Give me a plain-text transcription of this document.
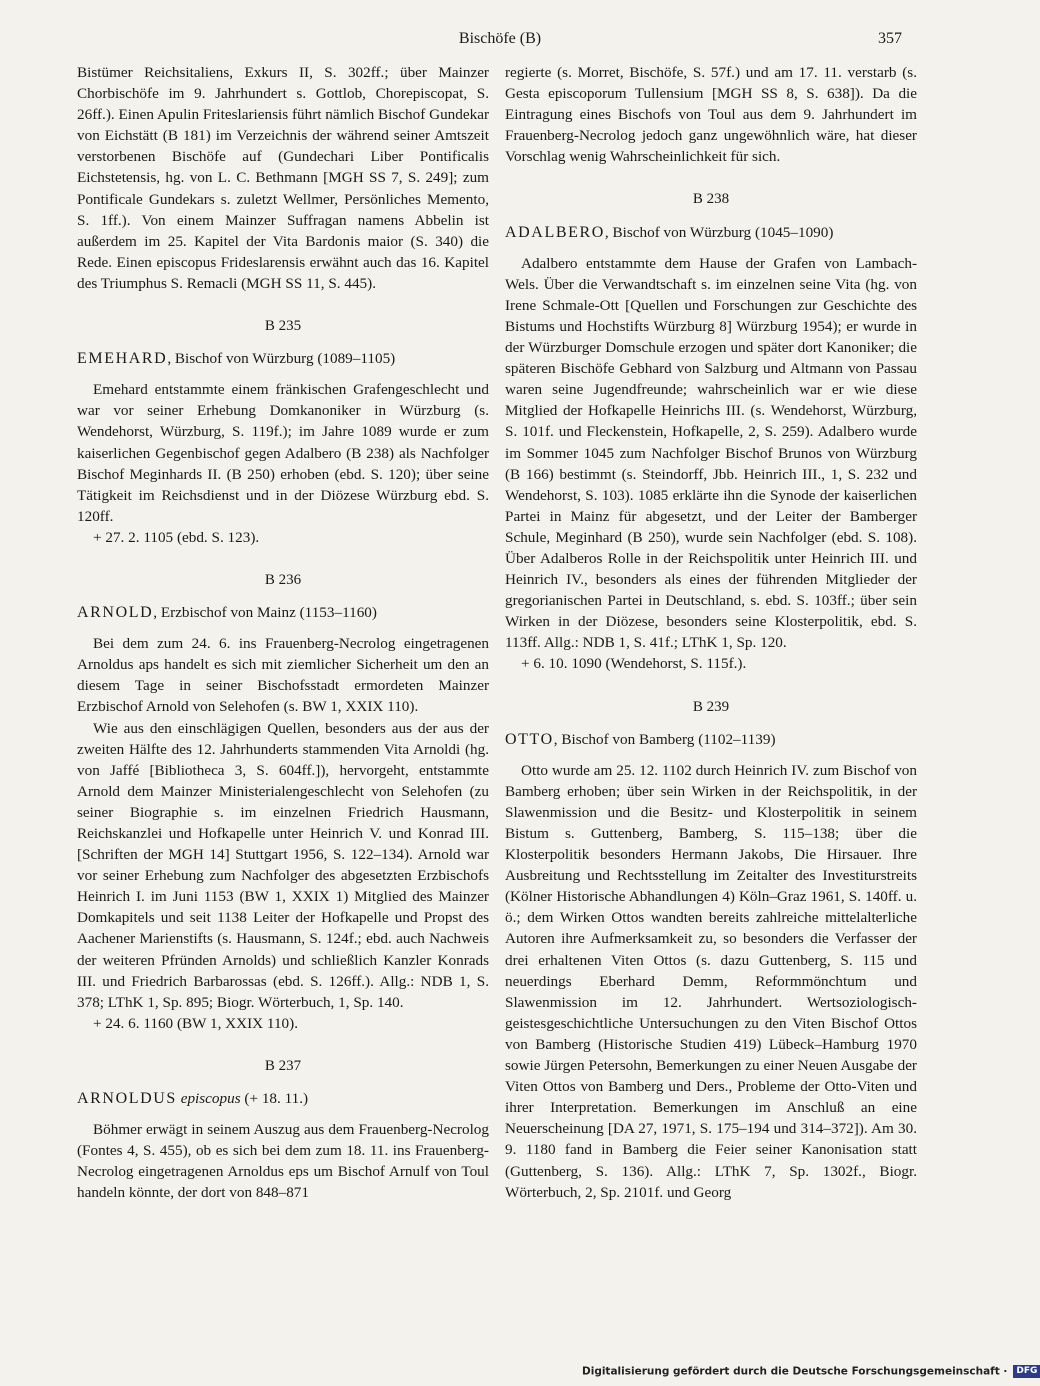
Bischöfe (B)	357

Bistümer Reichsitaliens, Exkurs II, S. 302ff.; über Mainzer Chorbischöfe im 9. Jahrhundert s. Gottlob, Chorepiscopat, S. 26ff.). Einen Apulin Friteslariensis führt nämlich Bischof Gundekar von Eichstätt (B 181) im Verzeichnis der während seiner Amtszeit verstorbenen Bischöfe auf (Gundechari Liber Pontificalis Eichstetensis, hg. von L. C. Bethmann [MGH SS 7, S. 249]; zum Pontificale Gundekars s. zuletzt Wellmer, Persönliches Memento, S. 1ff.). Von einem Mainzer Suffragan namens Abbelin ist außerdem im 25. Kapitel der Vita Bardonis maior (S. 340) die Rede. Einen episcopus Frideslarensis erwähnt auch das 16. Kapitel des Triumphus S. Remacli (MGH SS 11, S. 445).

B 235
EMEHARD, Bischof von Würzburg (1089–1105)

Emehard entstammte einem fränkischen Grafengeschlecht und war vor seiner Erhebung Domkanoniker in Würzburg (s. Wendehorst, Würzburg, S. 119f.); im Jahre 1089 wurde er zum kaiserlichen Gegenbischof gegen Adalbero (B 238) als Nachfolger Bischof Meginhards II. (B 250) erhoben (ebd. S. 120); über seine Tätigkeit im Reichsdienst und in der Diözese Würzburg ebd. S. 120ff.

+ 27. 2. 1105 (ebd. S. 123).

B 236
ARNOLD, Erzbischof von Mainz (1153–1160)

Bei dem zum 24. 6. ins Frauenberg-Necrolog eingetragenen Arnoldus aps handelt es sich mit ziemlicher Sicherheit um den an diesem Tage in seiner Bischofsstadt ermordeten Mainzer Erzbischof Arnold von Selehofen (s. BW 1, XXIX 110).

Wie aus den einschlägigen Quellen, besonders aus der aus der zweiten Hälfte des 12. Jahrhunderts stammenden Vita Arnoldi (hg. von Jaffé [Bibliotheca 3, S. 604ff.]), hervorgeht, entstammte Arnold dem Mainzer Ministerialengeschlecht von Selehofen (zu seiner Biographie s. im einzelnen Friedrich Hausmann, Reichskanzlei und Hofkapelle unter Heinrich V. und Konrad III. [Schriften der MGH 14] Stuttgart 1956, S. 122–134). Arnold war vor seiner Erhebung zum Nachfolger des abgesetzten Erzbischofs Heinrich I. im Juni 1153 (BW 1, XXIX 1) Mitglied des Mainzer Domkapitels und seit 1138 Leiter der Hofkapelle und Propst des Aachener Marienstifts (s. Hausmann, S. 124f.; ebd. auch Nachweis der weiteren Pfründen Arnolds) und schließlich Kanzler Konrads III. und Friedrich Barbarossas (ebd. S. 126ff.). Allg.: NDB 1, S. 378; LThK 1, Sp. 895; Biogr. Wörterbuch, 1, Sp. 140.

+ 24. 6. 1160 (BW 1, XXIX 110).

B 237
ARNOLDUS episcopus (+ 18. 11.)

Böhmer erwägt in seinem Auszug aus dem Frauenberg-Necrolog (Fontes 4, S. 455), ob es sich bei dem zum 18. 11. ins Frauenberg-Necrolog eingetragenen Arnoldus eps um Bischof Arnulf von Toul handeln könnte, der dort von 848–871

regierte (s. Morret, Bischöfe, S. 57f.) und am 17. 11. verstarb (s. Gesta episcoporum Tullensium [MGH SS 8, S. 638]). Da die Eintragung eines Bischofs von Toul aus dem 9. Jahrhundert im Frauenberg-Necrolog jedoch ganz ungewöhnlich wäre, hat dieser Vorschlag wenig Wahrscheinlichkeit für sich.

B 238
ADALBERO, Bischof von Würzburg (1045–1090)

Adalbero entstammte dem Hause der Grafen von Lambach-Wels. Über die Verwandtschaft s. im einzelnen seine Vita (hg. von Irene Schmale-Ott [Quellen und Forschungen zur Geschichte des Bistums und Hochstifts Würzburg 8] Würzburg 1954); er wurde in der Würzburger Domschule erzogen und später dort Kanoniker; die späteren Bischöfe Gebhard von Salzburg und Altmann von Passau waren seine Jugendfreunde; wahrscheinlich war er wie diese Mitglied der Hofkapelle Heinrichs III. (s. Wendehorst, Würzburg, S. 101f. und Fleckenstein, Hofkapelle, 2, S. 259). Adalbero wurde im Sommer 1045 zum Nachfolger Bischof Brunos von Würzburg (B 166) bestimmt (s. Steindorff, Jbb. Heinrich III., 1, S. 232 und Wendehorst, S. 103). 1085 erklärte ihn die Synode der kaiserlichen Partei in Mainz für abgesetzt, und der Leiter der Bamberger Schule, Meginhard (B 250), wurde sein Nachfolger (ebd. S. 108). Über Adalberos Rolle in der Reichspolitik unter Heinrich III. und Heinrich IV., besonders als eines der führenden Mitglieder der gregorianischen Partei in Deutschland, s. ebd. S. 103ff.; über sein Wirken in der Diözese, besonders seine Klosterpolitik, ebd. S. 113ff. Allg.: NDB 1, S. 41f.; LThK 1, Sp. 120.

+ 6. 10. 1090 (Wendehorst, S. 115f.).

B 239
OTTO, Bischof von Bamberg (1102–1139)

Otto wurde am 25. 12. 1102 durch Heinrich IV. zum Bischof von Bamberg erhoben; über sein Wirken in der Reichspolitik, in der Slawenmission und die Besitz- und Klosterpolitik in seinem Bistum s. Guttenberg, Bamberg, S. 115–138; über die Klosterpolitik besonders Hermann Jakobs, Die Hirsauer. Ihre Ausbreitung und Rechtsstellung im Zeitalter des Investiturstreits (Kölner Historische Abhandlungen 4) Köln–Graz 1961, S. 140ff. u. ö.; dem Wirken Ottos wandten bereits zahlreiche mittelalterliche Autoren ihre Aufmerksamkeit zu, so besonders die Verfasser der drei erhaltenen Viten Ottos (s. dazu Guttenberg, S. 115 und neuerdings Eberhard Demm, Reformmönchtum und Slawenmission im 12. Jahrhundert. Wertsoziologisch-geistesgeschichtliche Untersuchungen zu den Viten Bischof Ottos von Bamberg (Historische Studien 419) Lübeck–Hamburg 1970 sowie Jürgen Petersohn, Bemerkungen zu einer Neuen Ausgabe der Viten Ottos von Bamberg und Ders., Probleme der Otto-Viten und ihrer Interpretation. Bemerkungen im Anschluß an eine Neuerscheinung [DA 27, 1971, S. 175–194 und 314–372]). Am 30. 9. 1180 fand in Bamberg die Feier seiner Kanonisation statt (Guttenberg, S. 136). Allg.: LThK 7, Sp. 1302f., Biogr. Wörterbuch, 2, Sp. 2101f. und Georg

Digitalisierung gefördert durch die Deutsche Forschungsgemeinschaft · DFG
